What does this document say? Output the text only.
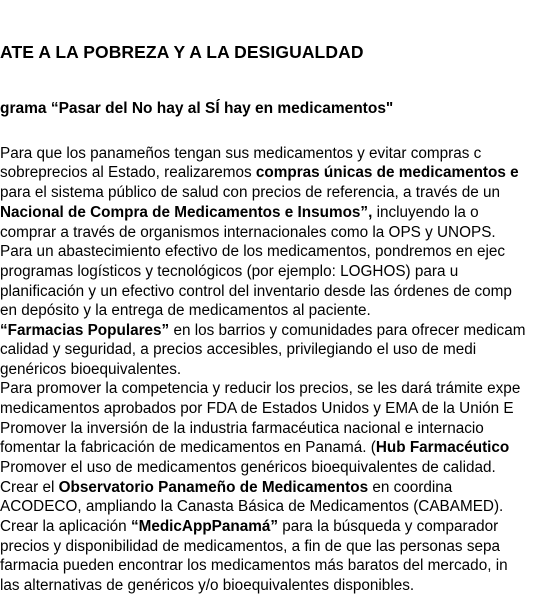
ATE A LA POBREZA Y A LA DESIGUALDAD
grama “Pasar del No hay al SÍ hay en medicamentos"
Para que los panameños tengan sus medicamentos y evitar compras c
sobreprecios al Estado, realizaremos compras únicas de medicamentos e
para el sistema público de salud con precios de referencia, a través de un
Nacional de Compra de Medicamentos e Insumos”, incluyendo la o
comprar a través de organismos internacionales como la OPS y UNOPS.
Para un abastecimiento efectivo de los medicamentos, pondremos en ejec
programas logísticos y tecnológicos (por ejemplo: LOGHOS) para u
planificación y un efectivo control del inventario desde las órdenes de comp
en depósito y la entrega de medicamentos al paciente.
“Farmacias Populares” en los barrios y comunidades para ofrecer medicam
calidad y seguridad, a precios accesibles, privilegiando el uso de medi
genéricos bioequivalentes.
Para promover la competencia y reducir los precios, se les dará trámite expe
medicamentos aprobados por FDA de Estados Unidos y EMA de la Unión E
Promover la inversión de la industria farmacéutica nacional e internacio
fomentar la fabricación de medicamentos en Panamá. (Hub Farmacéutico
Promover el uso de medicamentos genéricos bioequivalentes de calidad.
Crear el Observatorio Panameño de Medicamentos en coordina
ACODECO, ampliando la Canasta Básica de Medicamentos (CABAMED).
Crear la aplicación “MedicAppPanamá” para la búsqueda y comparador
precios y disponibilidad de medicamentos, a fin de que las personas sepa
farmacia pueden encontrar los medicamentos más baratos del mercado, in
las alternativas de genéricos y/o bioequivalentes disponibles.
